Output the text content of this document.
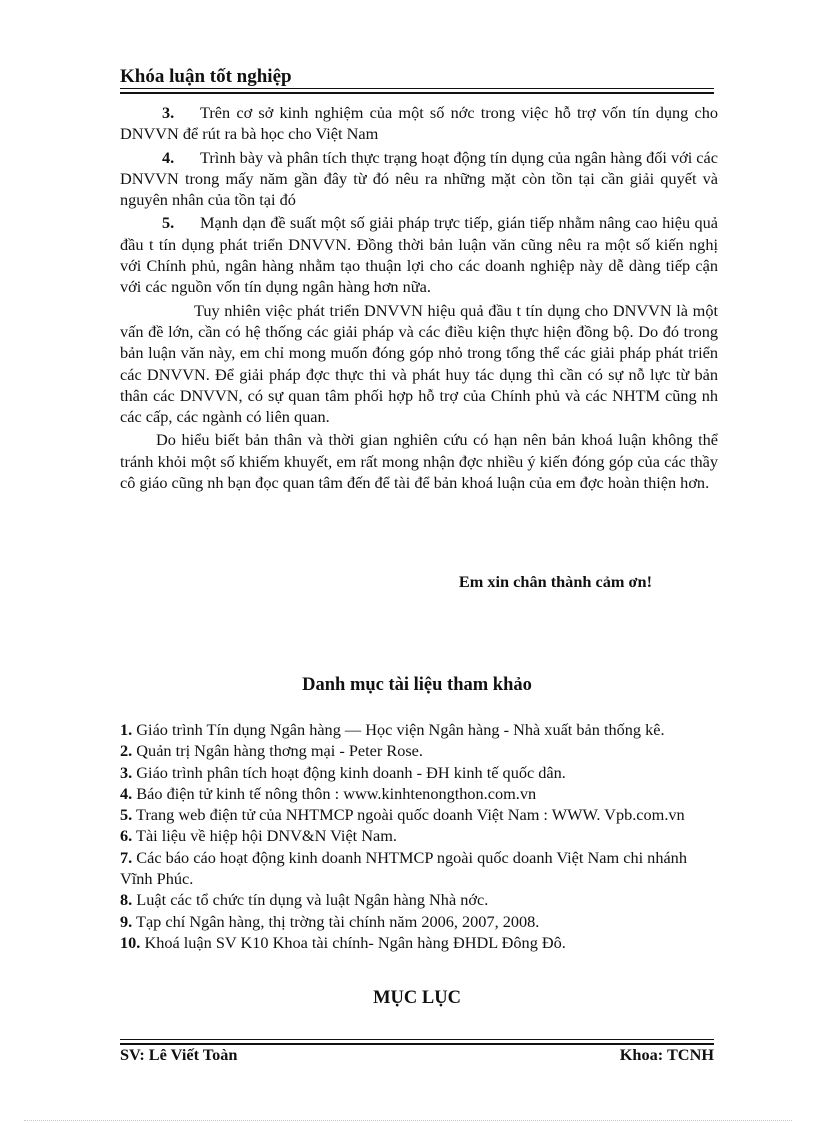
Khóa luận tốt nghiệp

3. Trên cơ sở kinh nghiệm của một số nớc trong việc hỗ trợ vốn tín dụng cho DNVVN để rút ra bà học cho Việt Nam

4. Trình bày và phân tích thực trạng hoạt động tín dụng của ngân hàng đối với các DNVVN trong mấy năm gần đây từ đó nêu ra những mặt còn tồn tại cần giải quyết và nguyên nhân của tồn tại đó

5. Mạnh dạn đề suất một số giải pháp trực tiếp, gián tiếp nhằm nâng cao hiệu quả đầu t tín dụng phát triển DNVVN. Đồng thời bản luận văn cũng nêu ra một số kiến nghị với Chính phủ, ngân hàng nhằm tạo thuận lợi cho các doanh nghiệp này dễ dàng tiếp cận với các nguồn vốn tín dụng ngân hàng hơn nữa.

Tuy nhiên việc phát triển DNVVN hiệu quả đầu t tín dụng cho DNVVN là một vấn đề lớn, cần có hệ thống các giải pháp và các điều kiện thực hiện đồng bộ. Do đó trong bản luận văn này, em chỉ mong muốn đóng góp nhỏ trong tổng thể các giải pháp phát triển các DNVVN. Để giải pháp đợc thực thi và phát huy tác dụng thì cần có sự nỗ lực từ bản thân các DNVVN, có sự quan tâm phối hợp hỗ trợ của Chính phủ và các NHTM cũng nh các cấp, các ngành có liên quan.

Do hiểu biết bản thân và thời gian nghiên cứu có hạn nên bản khoá luận không thể tránh khỏi một số khiếm khuyết, em rất mong nhận đợc nhiều ý kiến đóng góp của các thầy cô giáo cũng nh bạn đọc quan tâm đến để tài để bản khoá luận của em đợc hoàn thiện hơn.

Em xin chân thành cảm ơn!
Danh mục tài liệu tham khảo
1. Giáo trình Tín dụng Ngân hàng — Học viện Ngân hàng - Nhà xuất bản thống kê.
2. Quản trị Ngân hàng thơng mại - Peter Rose.
3. Giáo trình phân tích hoạt động kinh doanh - ĐH kinh tế quốc dân.
4. Báo điện tử kinh tế nông thôn : www.kinhtenongthon.com.vn
5. Trang web điện tử của NHTMCP ngoài quốc doanh Việt Nam : WWW. Vpb.com.vn
6. Tài liệu về hiệp hội DNV&N Việt Nam.
7. Các báo cáo hoạt động kinh doanh NHTMCP ngoài quốc doanh Việt Nam chi nhánh Vĩnh Phúc.
8. Luật các tổ chức tín dụng và luật Ngân hàng Nhà nớc.
9. Tạp chí Ngân hàng, thị trờng tài chính năm 2006, 2007, 2008.
10. Khoá luận SV K10 Khoa tài chính- Ngân hàng ĐHDL Đông Đô.
MỤC LỤC
SV: Lê Viết Toàn	Khoa: TCNH
